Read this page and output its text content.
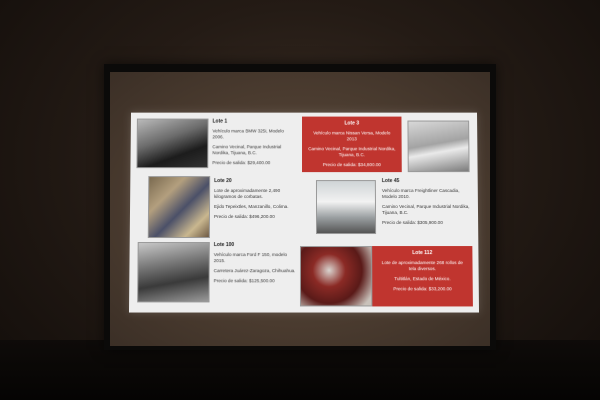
Lote 1

Vehículo marca BMW 325i, Modelo 2006.

Camino Vecinal, Parque Industrial Nordika, Tijuana, B.C.

Precio de salida: $29,400.00

Lote 3

Vehículo marca Nissan Versa, Modelo 2013

Camino Vecinal, Parque Industrial Nordika, Tijuana, B.C.

Precio de salida: $34,800.00

Lote 20

Lote de aproximadamente 2,490 kilogramos de corbatas.

Ejido Tepeixtles, Manzanillo, Colima.

Precio de salida: $496,200.00

Lote 45

Vehículo marca Freightliner Cascadia, Modelo 2010.

Camino Vecinal, Parque Industrial Nordika, Tijuana, B.C.

Precio de salida: $305,900.00

Lote 100

Vehículo marca Ford F 150, modelo 2015.

Carretera Juárez-Zaragoza, Chihuahua.

Precio de salida: $125,500.00

Lote 112

Lote de aproximadamente 268 rollos de tela diversos.

Tultitlán, Estado de México.

Precio de salida: $33,200.00
